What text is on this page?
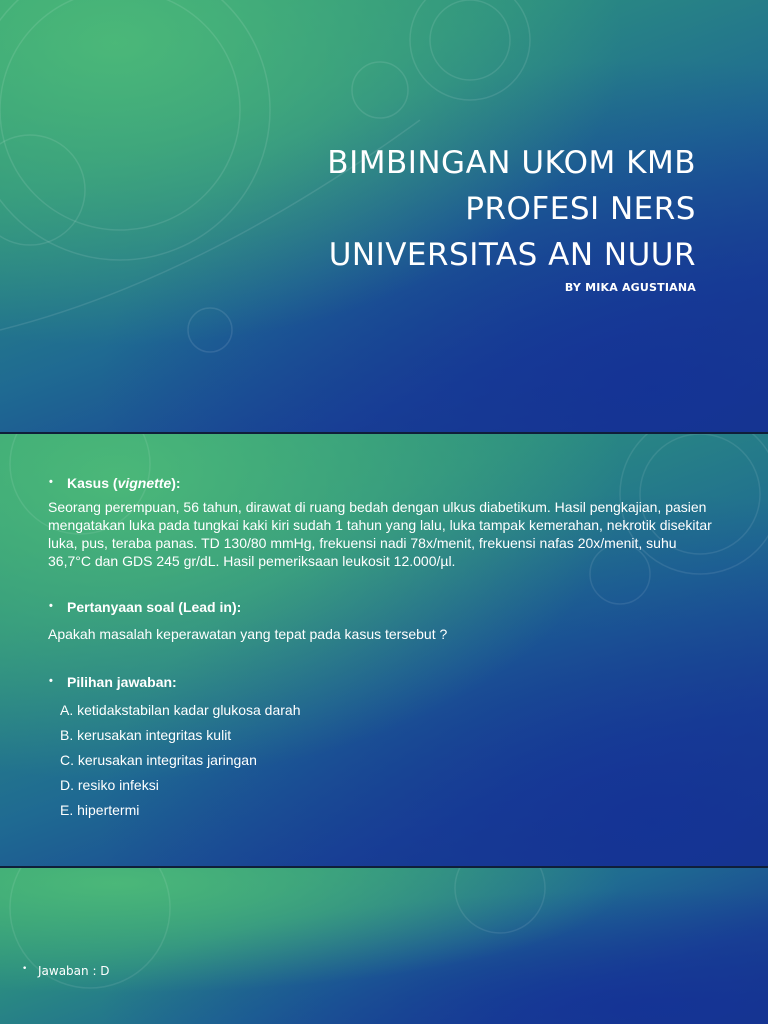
BIMBINGAN UKOM KMB
PROFESI NERS
UNIVERSITAS AN NUUR
BY MIKA AGUSTIANA
• Kasus (vignette):

Seorang perempuan, 56 tahun, dirawat di ruang bedah dengan ulkus diabetikum. Hasil pengkajian, pasien mengatakan luka pada tungkai kaki kiri sudah 1 tahun yang lalu, luka tampak kemerahan, nekrotik disekitar luka, pus, teraba panas. TD 130/80 mmHg, frekuensi nadi 78x/menit, frekuensi nafas 20x/menit, suhu 36,7°C dan GDS 245 gr/dL. Hasil pemeriksaan leukosit 12.000/µl.

• Pertanyaan soal (Lead in):

Apakah masalah keperawatan yang tepat pada kasus tersebut ?

• Pilihan jawaban:
A. ketidakstabilan kadar glukosa darah
B. kerusakan integritas kulit
C. kerusakan integritas jaringan
D. resiko infeksi
E. hipertermi
• Jawaban : D
